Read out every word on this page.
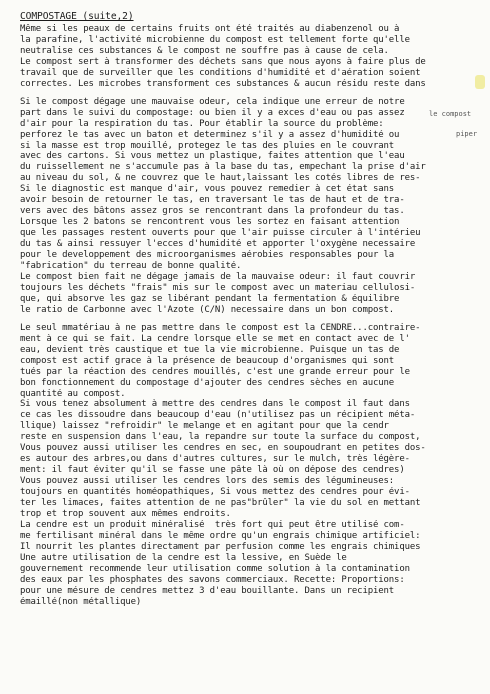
COMPOSTAGE (suite,2)
le compost
piper
Même si les peaux de certains fruits ont été traités au diabenzenol ou à
la parafine, l'activité microbienne du compost est tellement forte qu'elle
neutralise ces substances & le compost ne souffre pas à cause de cela.
Le compost sert à transformer des déchets sans que nous ayons à faire plus de
travail que de surveiller que les conditions d'humidité et d'aération soient
correctes. Les microbes transforment ces substances & aucun résidu reste dans
Si le compost dégage une mauvaise odeur, cela indique une erreur de notre
part dans le suivi du compostage: ou bien il y a exces d'eau ou pas assez
d'air pour la respiration du tas. Pour établir la source du problème:
perforez le tas avec un baton et determinez s'il y a assez d'humidité ou
si la masse est trop mouillé, protegez le tas des pluies en le couvrant
avec des cartons. Si vous mettez un plastique, faites attention que l'eau
du ruissellement ne s'accumule pas à la base du tas, empechant la prise d'air
au niveau du sol, & ne couvrez que le haut,laissant les cotés libres de res-
Si le diagnostic est manque d'air, vous pouvez remedier à cet état sans
avoir besoin de retourner le tas, en traversant le tas de haut et de tra-
vers avec des bâtons assez gros se rencontrant dans la profondeur du tas.
Lorsque les 2 batons se rencontrent vous les sortez en faisant attention
que les passages restent ouverts pour que l'air puisse circuler à l'intérieu
du tas & ainsi ressuyer l'ecces d'humidité et apporter l'oxygène necessaire
pour le developpement des microorganismes aérobies responsables pour la
"fabrication" du terreau de bonne qualité.
Le compost bien fait ne dégage jamais de la mauvaise odeur: il faut couvrir
toujours les déchets "frais" mis sur le compost avec un materiau cellulosi-
que, qui absorve les gaz se libérant pendant la fermentation & équilibre
le ratio de Carbonne avec l'Azote (C/N) necessaire dans un bon compost.
Le seul mmatériau à ne pas mettre dans le compost est la CENDRE...contraire-
ment à ce qui se fait. La cendre lorsque elle se met en contact avec de l'
eau, devient très caustique et tue la vie microbienne. Puisque un tas de
compost est actif grace à la présence de beaucoup d'organismes qui sont
tués par la réaction des cendres mouillés, c'est une grande erreur pour le
bon fonctionnement du compostage d'ajouter des cendres sèches en aucune
quantité au compost.
Si vous tenez absolument à mettre des cendres dans le compost il faut dans
ce cas les dissoudre dans beaucoup d'eau (n'utilisez pas un récipient méta-
llique) laissez "refroidir" le melange et en agitant pour que la cendr
reste en suspension dans l'eau, la repandre sur toute la surface du compost,
Vous pouvez aussi utiliser les cendres en sec, en soupoudrant en petites dos-
es autour des arbres,ou dans d'autres cultures, sur le mulch, très légère-
ment: il faut éviter qu'il se fasse une pâte là où on dépose des cendres)
Vous pouvez aussi utiliser les cendres lors des semis des légumineuses:
toujours en quantités homéopathiques, Si vous mettez des cendres pour évi-
ter les limaces, faites attention de ne pas"brûler" la vie du sol en mettant
trop et trop souvent aux mêmes endroits.
La cendre est un produit minéralisé  très fort qui peut être utilisé com-
me fertilisant minéral dans le même ordre qu'un engrais chimique artificiel:
Il nourrit les plantes directament par perfusion comme les engrais chimiques
Une autre utilisation de la cendre est la lessive, en Suède le
gouvernement recommende leur utilisation comme solution à la contamination
des eaux par les phosphates des savons commerciaux. Recette: Proportions:
pour une mésure de cendres mettez 3 d'eau bouillante. Dans un recipient
émaillé(non métallique)
